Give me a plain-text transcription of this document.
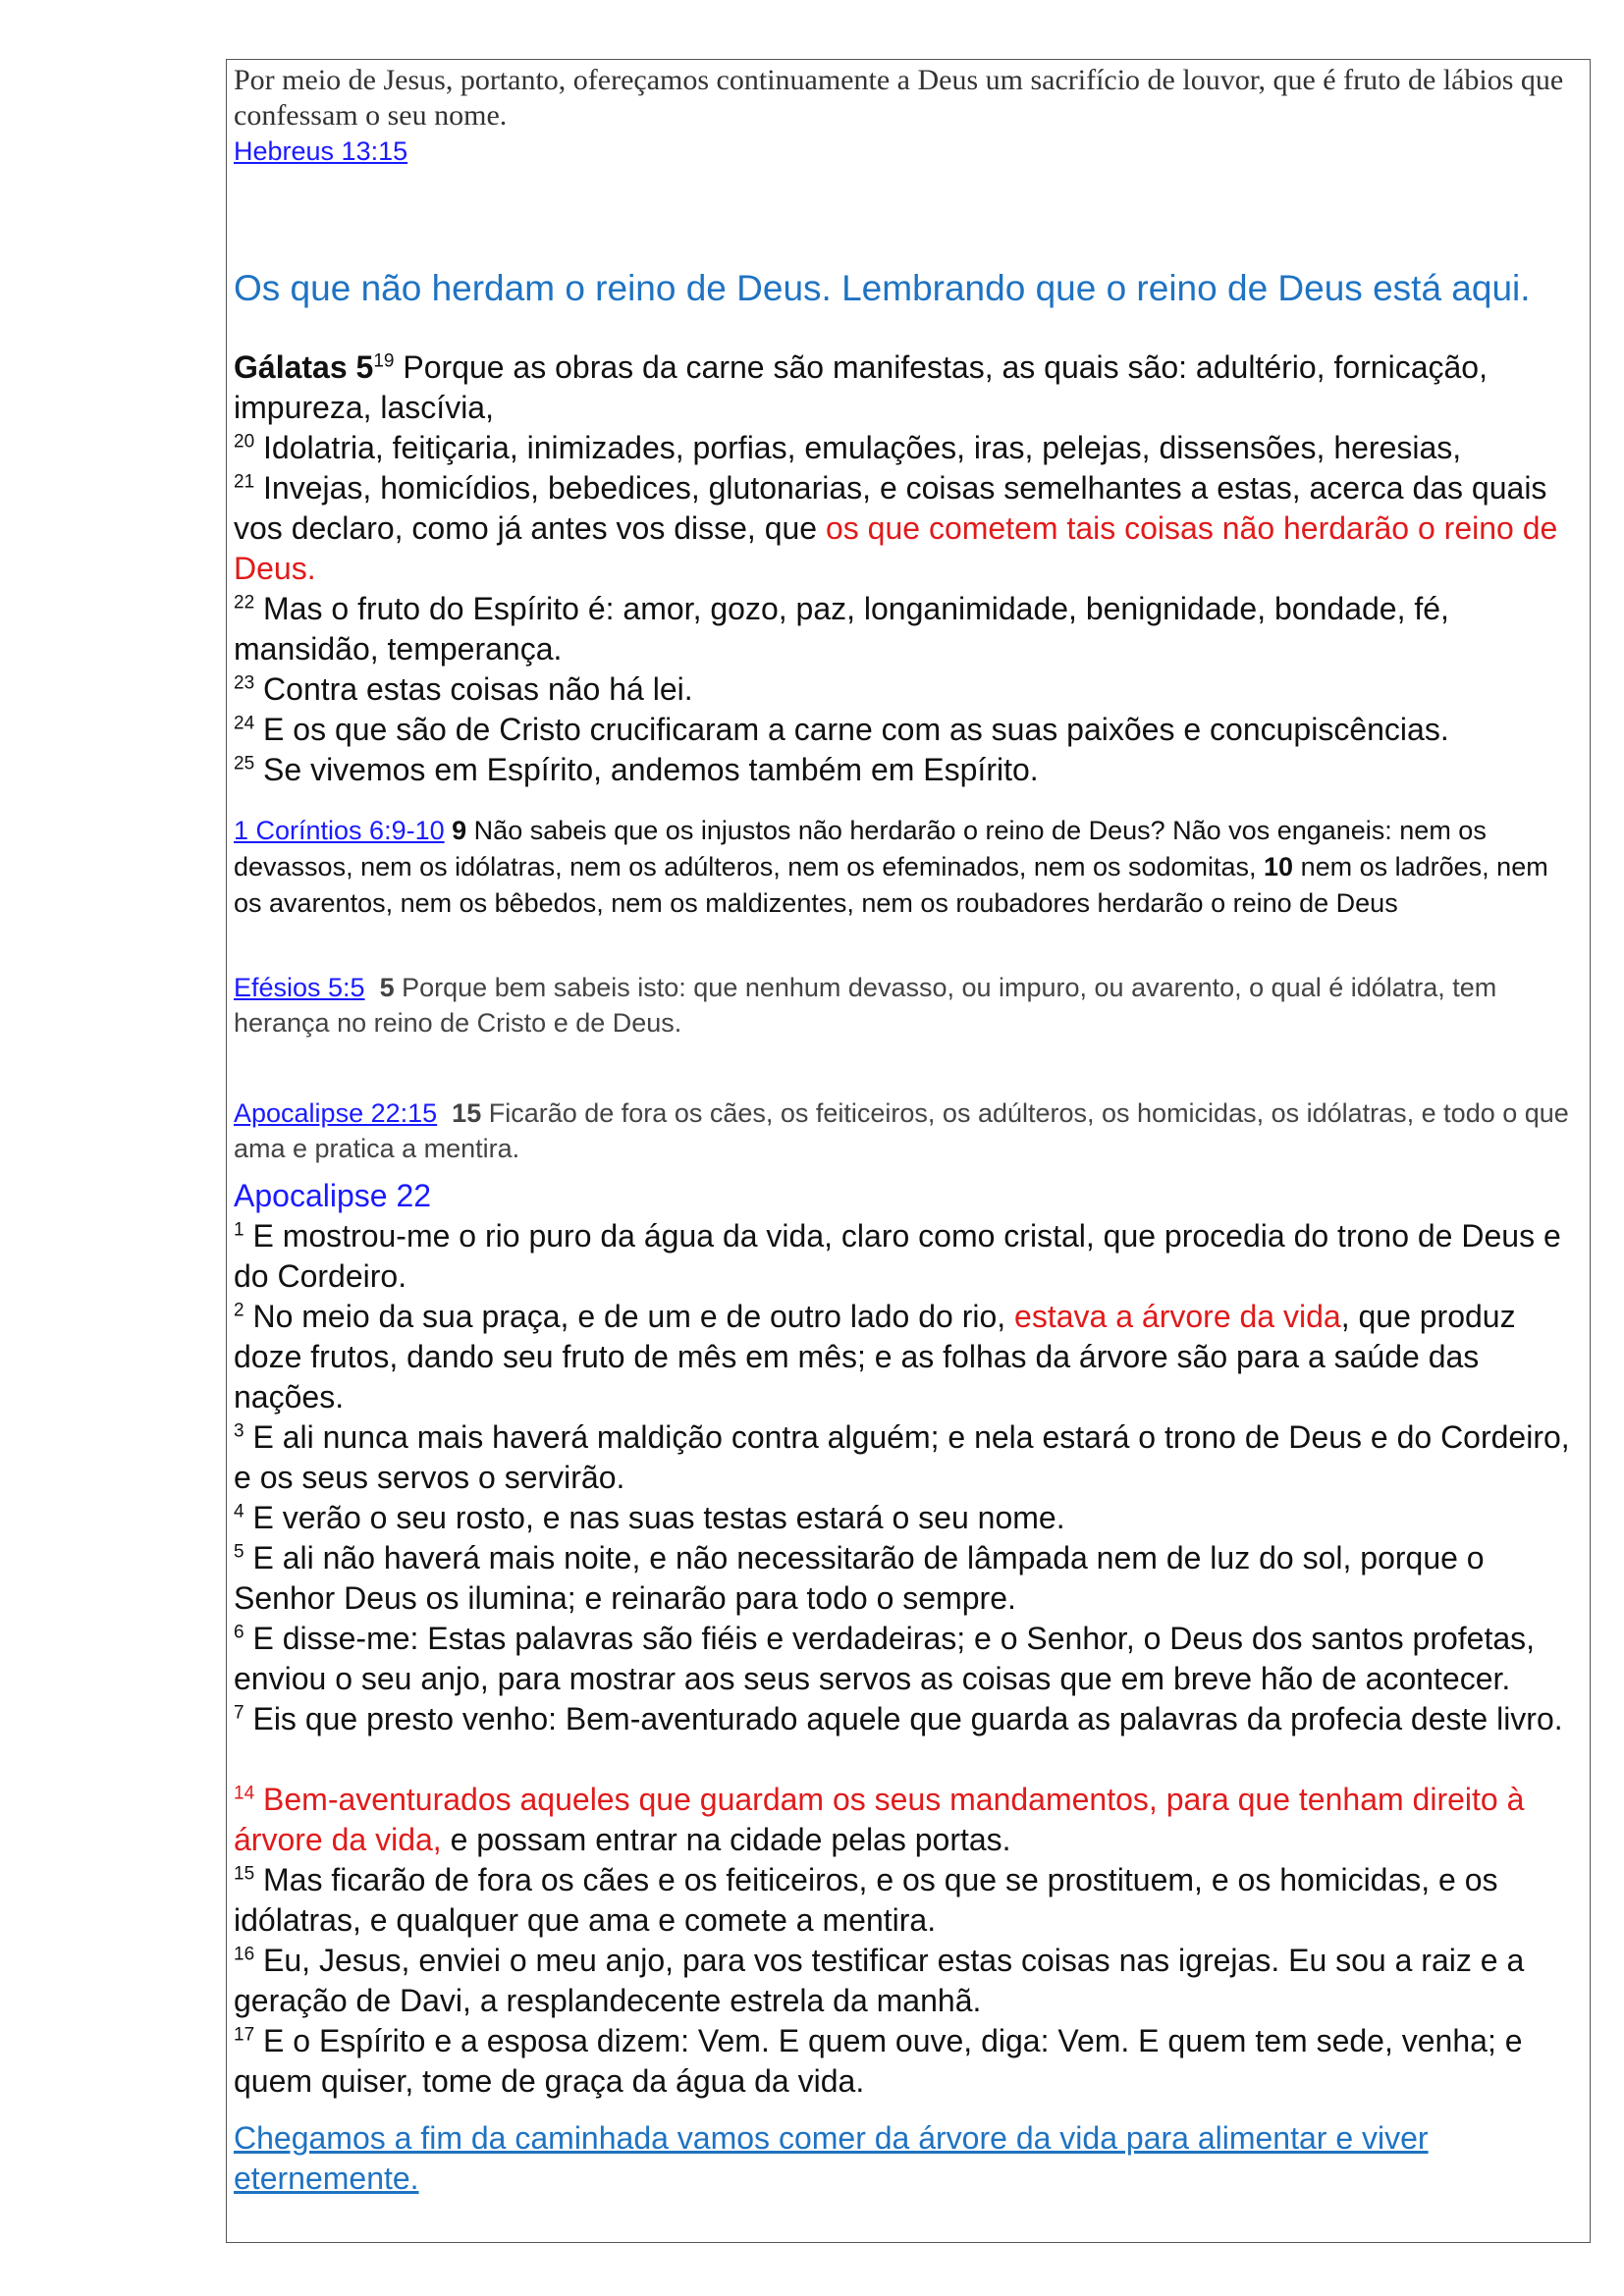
Por meio de Jesus, portanto, ofereçamos continuamente a Deus um sacrifício de louvor, que é fruto de lábios que confessam o seu nome.

Hebreus 13:15
Os que não herdam o reino de Deus. Lembrando que o reino de Deus está aqui.

Gálatas $5^{19}$ Porque as obras da carne são manifestas, as quais são: adultério, fornicação, impureza, lascívia,

$^{20}$ Idolatria, feitiçaria, inimizades, porfias, emulações, iras, pelejas, dissensões, heresias,

$^{21}$ Invejas, homicídios, bebedices, glutonarias, e coisas semelhantes a estas, acerca das quais vos declaro, como já antes vos disse, que os que cometem tais coisas não herdarão o reino de Deus.

$^{22}$ Mas o fruto do Espírito é: amor, gozo, paz, longanimidade, benignidade, bondade, fé, mansidão, temperança.

$^{23}$ Contra estas coisas não há lei.

$^{24}$ E os que são de Cristo crucificaram a carne com as suas paixões e concupiscências.

$^{25}$ Se vivemos em Espírito, andemos também em Espírito.

1 Coríntios 6:9-10 9 Não sabeis que os injustos não herdarão o reino de Deus? Não vos enganeis: nem os devassos, nem os idólatras, nem os adúlteros, nem os efeminados, nem os sodomitas, 10 nem os ladrões, nem os avarentos, nem os bêbedos, nem os maldizentes, nem os roubadores herdarão o reino de Deus

Efésios 5:5 5 Porque bem sabeis isto: que nenhum devasso, ou impuro, ou avarento, o qual é idólatra, tem herança no reino de Cristo e de Deus.

Apocalipse 22:15 15 Ficarão de fora os cães, os feiticeiros, os adúlteros, os homicidas, os idólatras, e todo o que ama e pratica a mentira.

Apocalipse 22

$^1$ E mostrou-me o rio puro da água da vida, claro como cristal, que procedia do trono de Deus e do Cordeiro.

$^2$ No meio da sua praça, e de um e de outro lado do rio, estava a árvore da vida, que produz doze frutos, dando seu fruto de mês em mês; e as folhas da árvore são para a saúde das nações.

$^3$ E ali nunca mais haverá maldição contra alguém; e nela estará o trono de Deus e do Cordeiro, e os seus servos o servirão.

$^4$ E verão o seu rosto, e nas suas testas estará o seu nome.

$^5$ E ali não haverá mais noite, e não necessitarão de lâmpada nem de luz do sol, porque o Senhor Deus os ilumina; e reinarão para todo o sempre.

$^6$ E disse-me: Estas palavras são fiéis e verdadeiras; e o Senhor, o Deus dos santos profetas, enviou o seu anjo, para mostrar aos seus servos as coisas que em breve hão de acontecer.

$^7$ Eis que presto venho: Bem-aventurado aquele que guarda as palavras da profecia deste livro.

$^{14}$ Bem-aventurados aqueles que guardam os seus mandamentos, para que tenham direito à árvore da vida, e possam entrar na cidade pelas portas.

$^{15}$ Mas ficarão de fora os cães e os feiticeiros, e os que se prostituem, e os homicidas, e os idólatras, e qualquer que ama e comete a mentira.

$^{16}$ Eu, Jesus, enviei o meu anjo, para vos testificar estas coisas nas igrejas. Eu sou a raiz e a geração de Davi, a resplandecente estrela da manhã.

$^{17}$ E o Espírito e a esposa dizem: Vem. E quem ouve, diga: Vem. E quem tem sede, venha; e quem quiser, tome de graça da água da vida.

Chegamos a fim da caminhada vamos comer da árvore da vida para alimentar e viver eternemente.
